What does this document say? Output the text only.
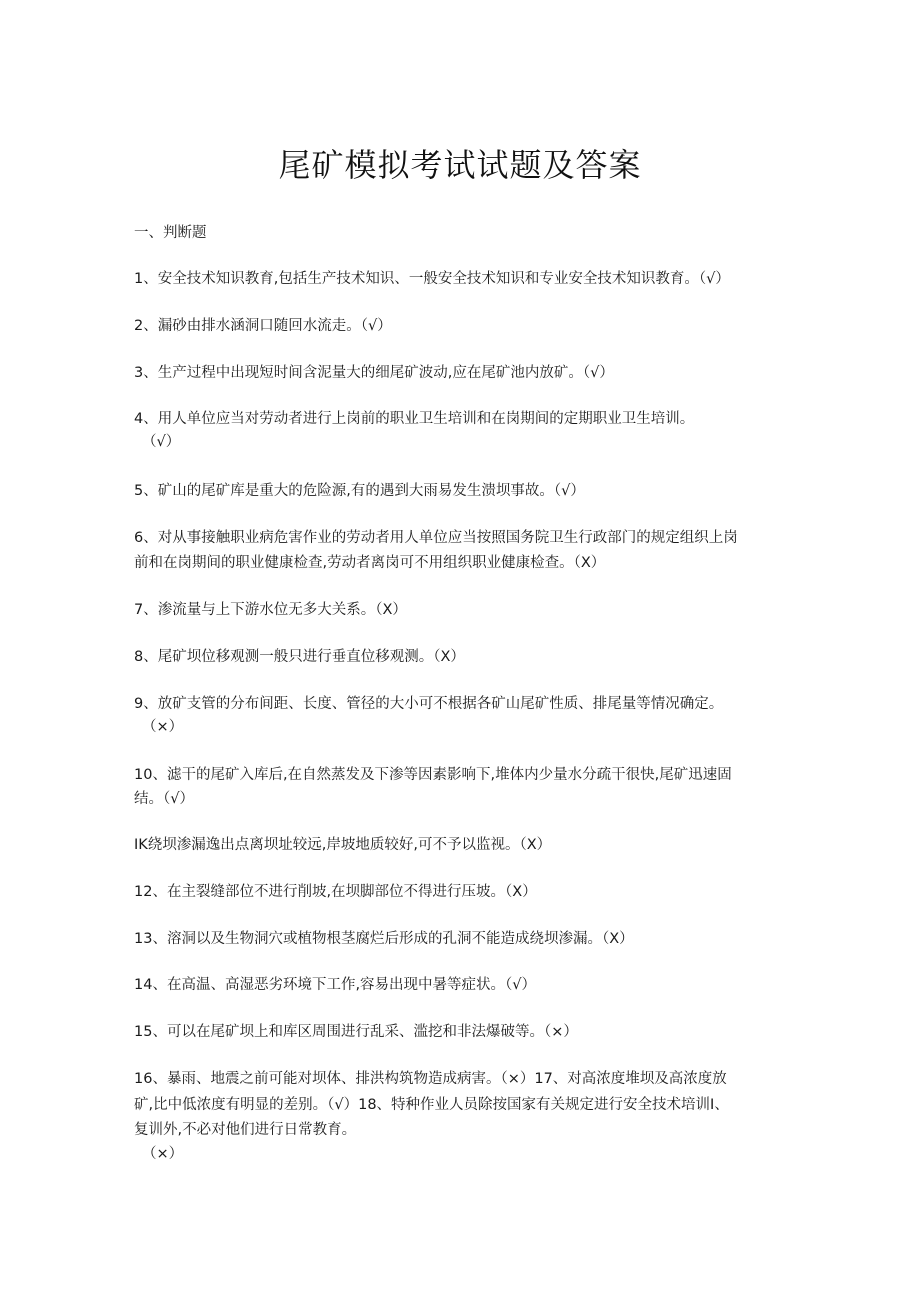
尾矿模拟考试试题及答案
一、判断题
1、安全技术知识教育,包括生产技术知识、一般安全技术知识和专业安全技术知识教育。（√）
2、漏砂由排水涵洞口随回水流走。（√）
3、生产过程中出现短时间含泥量大的细尾矿波动,应在尾矿池内放矿。（√）
4、用人单位应当对劳动者进行上岗前的职业卫生培训和在岗期间的定期职业卫生培训。
（√）
5、矿山的尾矿库是重大的危险源,有的遇到大雨易发生溃坝事故。（√）
6、对从事接触职业病危害作业的劳动者用人单位应当按照国务院卫生行政部门的规定组织上岗
前和在岗期间的职业健康检查,劳动者离岗可不用组织职业健康检查。（X）
7、渗流量与上下游水位无多大关系。（X）
8、尾矿坝位移观测一般只进行垂直位移观测。（X）
9、放矿支管的分布间距、长度、管径的大小可不根据各矿山尾矿性质、排尾量等情况确定。
（×）
10、滤干的尾矿入库后,在自然蒸发及下渗等因素影响下,堆体内少量水分疏干很快,尾矿迅速固
结。（√）
IK绕坝渗漏逸出点离坝址较远,岸坡地质较好,可不予以监视。（X）
12、在主裂缝部位不进行削坡,在坝脚部位不得进行压坡。（X）
13、溶洞以及生物洞穴或植物根茎腐烂后形成的孔洞不能造成绕坝渗漏。（X）
14、在高温、高湿恶劣环境下工作,容易出现中暑等症状。（√）
15、可以在尾矿坝上和库区周围进行乱采、滥挖和非法爆破等。（×）
16、暴雨、地震之前可能对坝体、排洪构筑物造成病害。（×）17、对高浓度堆坝及高浓度放
矿,比中低浓度有明显的差别。（√）18、特种作业人员除按国家有关规定进行安全技术培训I、
复训外,不必对他们进行日常教育。
（×）
